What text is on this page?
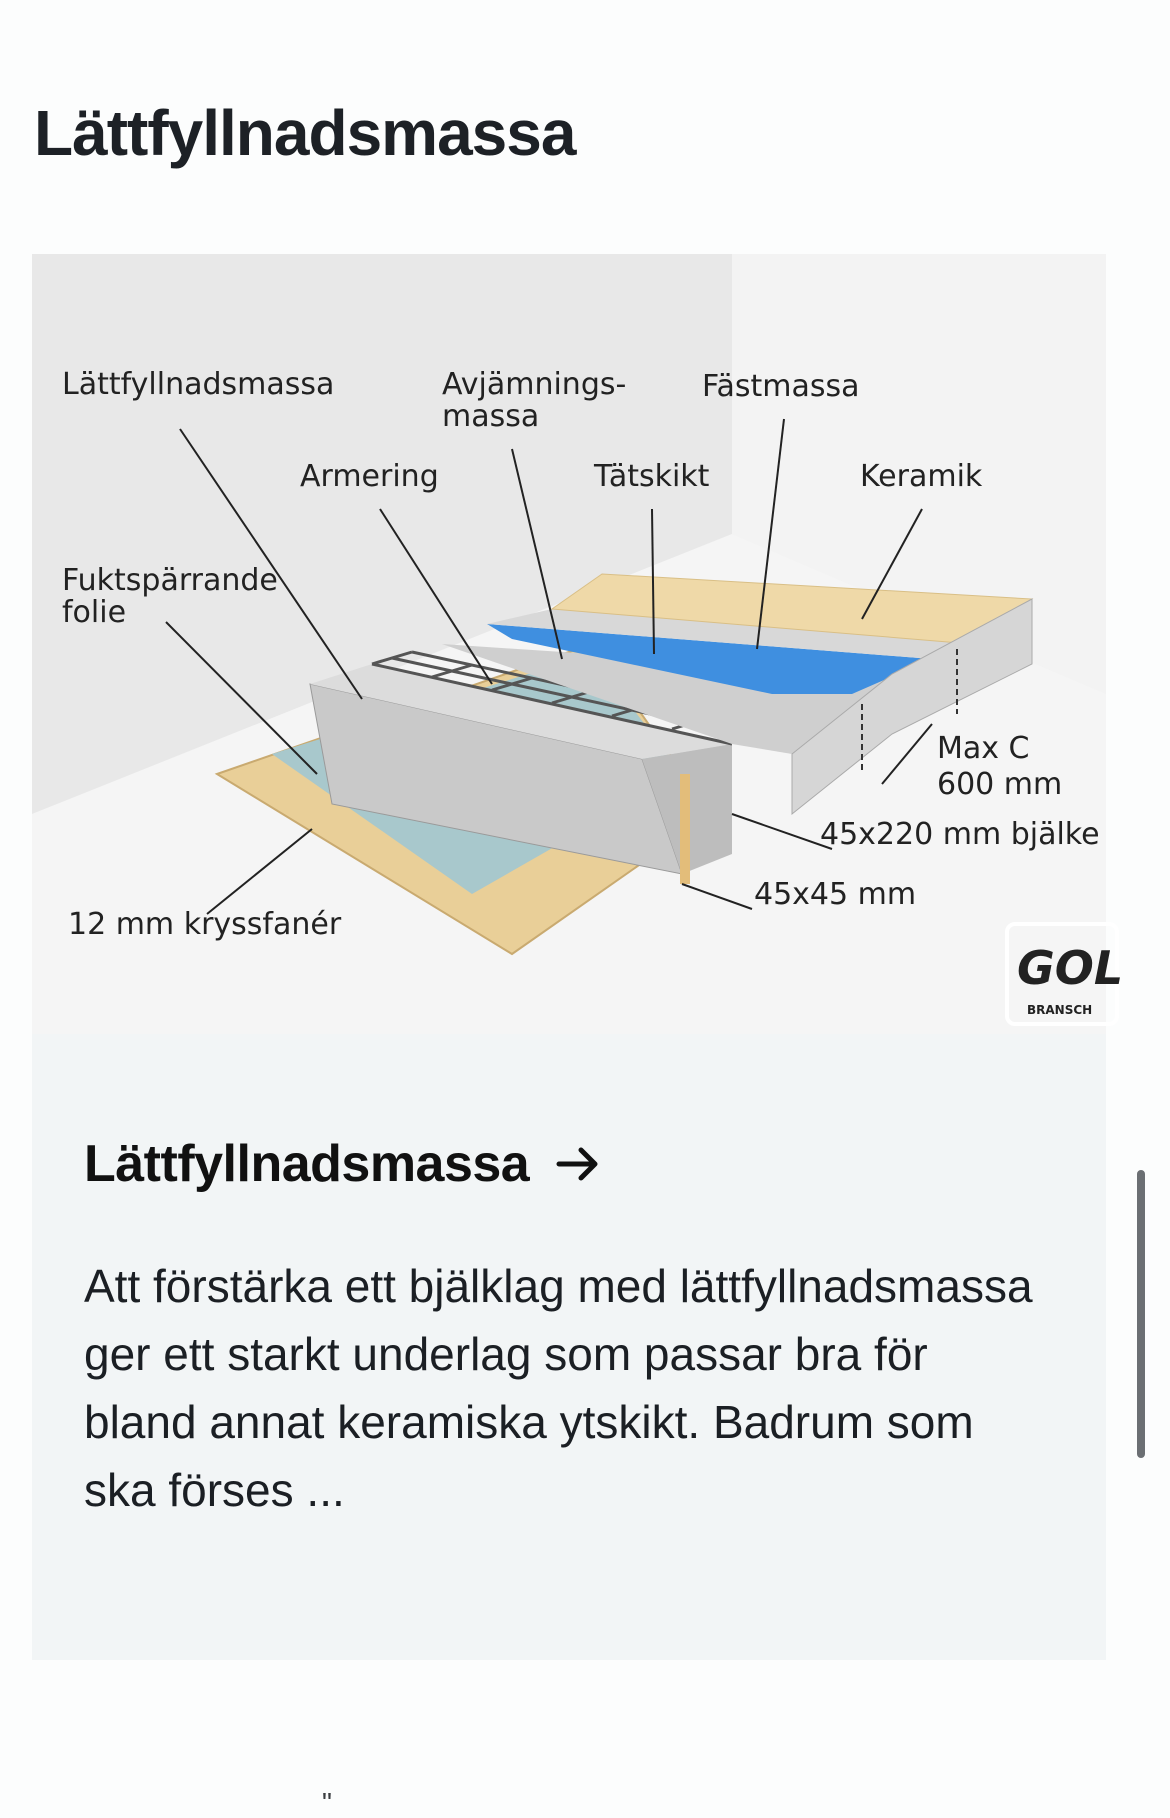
Lättfyllnadsmassa
Lättfyllnadsmassa	Avjämnings-
massa
Fästmassa
Armering	Tätskikt	Keramik
Fuktspärrande
folie
Max C
600 mm
45x220 mm bjälke
45x45 mm
12 mm kryssfanér
GOL
BRANSCH
Lättfyllnadsmassa

Att förstärka ett bjälklag med lättfyllnadsmassa ger ett starkt underlag som passar bra för bland annat keramiska ytskikt. Badrum som ska förses ...

"
